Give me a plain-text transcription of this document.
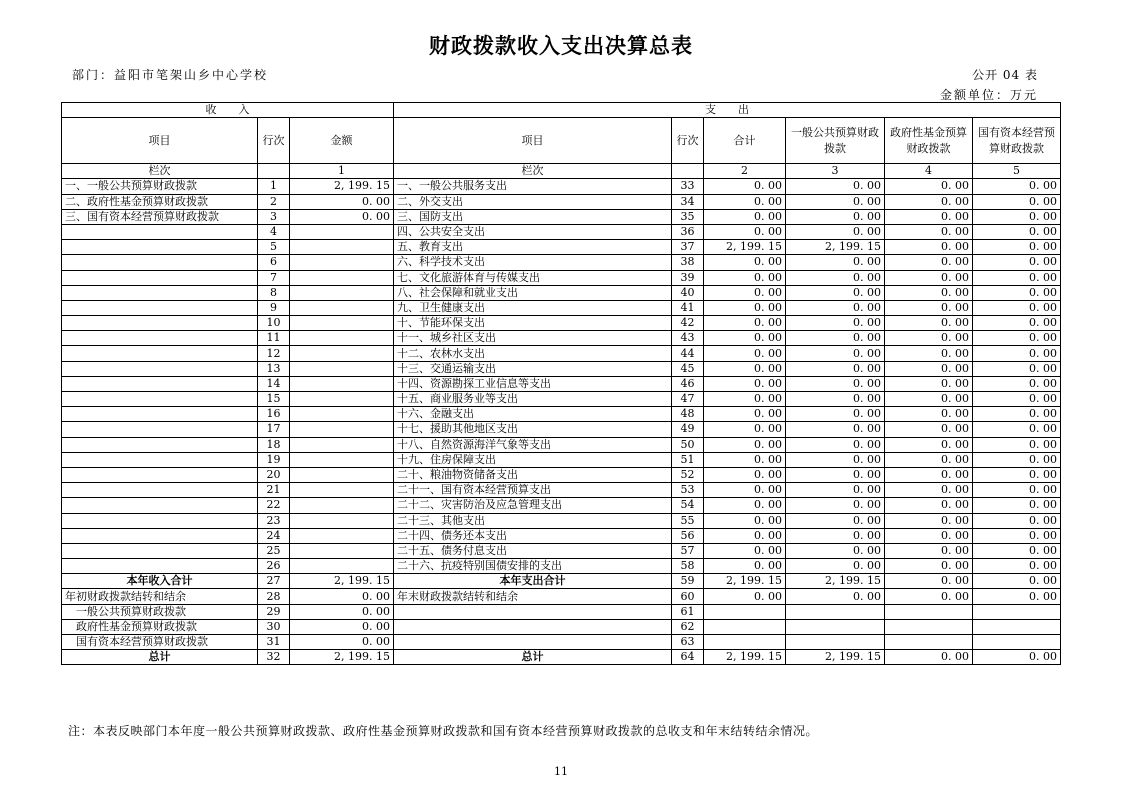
财政拨款收入支出决算总表
部门：益阳市笔架山乡中心学校	公开 04 表
金额单位：万元
收　　入			支　　出					
项目	行次	金额	项目	行次	合计	一般公共预算财政拨款	政府性基金预算财政拨款	国有资本经营预算财政拨款
栏次		1	栏次		2	3	4	5
一、一般公共预算财政拨款	1	2, 199. 15	一、一般公共服务支出	33	0. 00	0. 00	0. 00	0. 00
二、政府性基金预算财政拨款	2	0. 00	二、外交支出	34	0. 00	0. 00	0. 00	0. 00
三、国有资本经营预算财政拨款	3	0. 00	三、国防支出	35	0. 00	0. 00	0. 00	0. 00
	4		四、公共安全支出	36	0. 00	0. 00	0. 00	0. 00
	5		五、教育支出	37	2, 199. 15	2, 199. 15	0. 00	0. 00
	6		六、科学技术支出	38	0. 00	0. 00	0. 00	0. 00
	7		七、文化旅游体育与传媒支出	39	0. 00	0. 00	0. 00	0. 00
	8		八、社会保障和就业支出	40	0. 00	0. 00	0. 00	0. 00
	9		九、卫生健康支出	41	0. 00	0. 00	0. 00	0. 00
	10		十、节能环保支出	42	0. 00	0. 00	0. 00	0. 00
	11		十一、城乡社区支出	43	0. 00	0. 00	0. 00	0. 00
	12		十二、农林水支出	44	0. 00	0. 00	0. 00	0. 00
	13		十三、交通运输支出	45	0. 00	0. 00	0. 00	0. 00
	14		十四、资源勘探工业信息等支出	46	0. 00	0. 00	0. 00	0. 00
	15		十五、商业服务业等支出	47	0. 00	0. 00	0. 00	0. 00
	16		十六、金融支出	48	0. 00	0. 00	0. 00	0. 00
	17		十七、援助其他地区支出	49	0. 00	0. 00	0. 00	0. 00
	18		十八、自然资源海洋气象等支出	50	0. 00	0. 00	0. 00	0. 00
	19		十九、住房保障支出	51	0. 00	0. 00	0. 00	0. 00
	20		二十、粮油物资储备支出	52	0. 00	0. 00	0. 00	0. 00
	21		二十一、国有资本经营预算支出	53	0. 00	0. 00	0. 00	0. 00
	22		二十二、灾害防治及应急管理支出	54	0. 00	0. 00	0. 00	0. 00
	23		二十三、其他支出	55	0. 00	0. 00	0. 00	0. 00
	24		二十四、债务还本支出	56	0. 00	0. 00	0. 00	0. 00
	25		二十五、债务付息支出	57	0. 00	0. 00	0. 00	0. 00
	26		二十六、抗疫特别国债安排的支出	58	0. 00	0. 00	0. 00	0. 00
本年收入合计	27	2, 199. 15	本年支出合计	59	2, 199. 15	2, 199. 15	0. 00	0. 00
年初财政拨款结转和结余	28	0. 00	年末财政拨款结转和结余	60	0. 00	0. 00	0. 00	0. 00
一般公共预算财政拨款	29	0. 00		61				
政府性基金预算财政拨款	30	0. 00		62				
国有资本经营预算财政拨款	31	0. 00		63				
总计	32	2, 199. 15	总计	64	2, 199. 15	2, 199. 15	0. 00	0. 00
注：本表反映部门本年度一般公共预算财政拨款、政府性基金预算财政拨款和国有资本经营预算财政拨款的总收支和年末结转结余情况。
11
